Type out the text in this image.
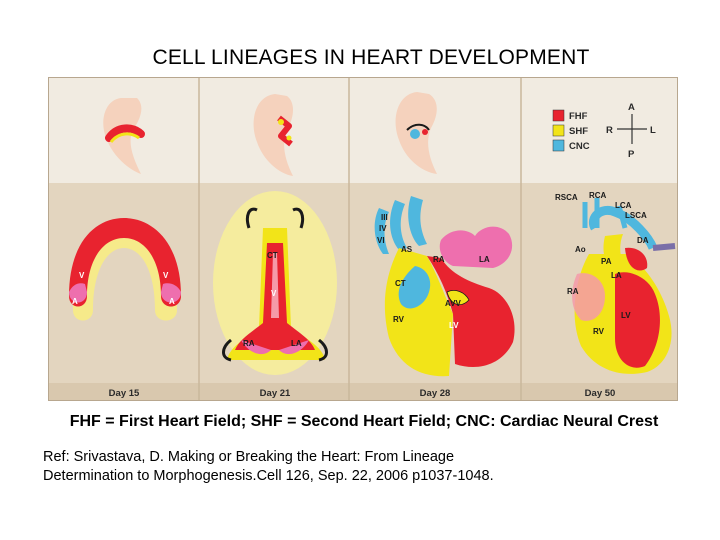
CELL LINEAGES IN HEART DEVELOPMENT
FHF
SHF
CNC
A
P
R	L
V	V
A	A
CT
V
RA	LA
III
IV
VI
AS
RA	LA
CT
AVV
RV
LV
RSCA RCA
LCA
LSCA
Ao
DA
PA
LA
RA
LV
RV
Day 15	Day 21	Day 28	Day 50
FHF = First Heart Field; SHF = Second Heart Field; CNC: Cardiac Neural Crest
Ref: Srivastava, D. Making or Breaking the Heart: From Lineage
Determination to Morphogenesis.Cell 126, Sep. 22, 2006 p1037-1048.
